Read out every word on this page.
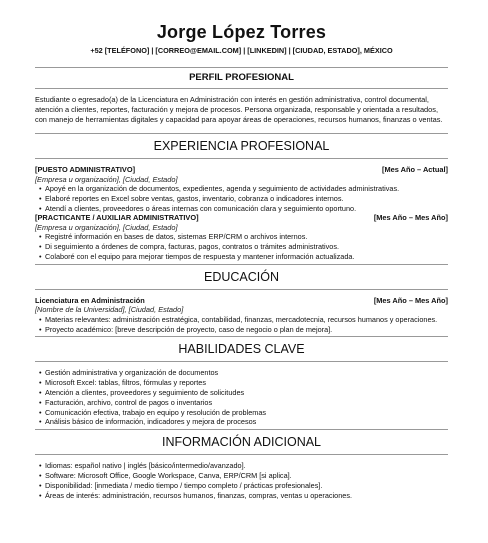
Jorge López Torres
+52 [TELÉFONO] | [CORREO@EMAIL.COM] | [LINKEDIN] | [CIUDAD, ESTADO], MÉXICO
PERFIL PROFESIONAL
Estudiante o egresado(a) de la Licenciatura en Administración con interés en gestión administrativa, control documental, atención a clientes, reportes, facturación y mejora de procesos. Persona organizada, responsable y orientada a resultados, con manejo de herramientas digitales y capacidad para apoyar áreas de operaciones, recursos humanos, finanzas o ventas.
EXPERIENCIA PROFESIONAL
[PUESTO ADMINISTRATIVO]	[Mes Año – Actual]
[Empresa u organización], [Ciudad, Estado]
• Apoyé en la organización de documentos, expedientes, agenda y seguimiento de actividades administrativas.
• Elaboré reportes en Excel sobre ventas, gastos, inventario, cobranza o indicadores internos.
• Atendí a clientes, proveedores o áreas internas con comunicación clara y seguimiento oportuno.
[PRACTICANTE / AUXILIAR ADMINISTRATIVO]	[Mes Año – Mes Año]
[Empresa u organización], [Ciudad, Estado]
• Registré información en bases de datos, sistemas ERP/CRM o archivos internos.
• Di seguimiento a órdenes de compra, facturas, pagos, contratos o trámites administrativos.
• Colaboré con el equipo para mejorar tiempos de respuesta y mantener información actualizada.
EDUCACIÓN
Licenciatura en Administración	[Mes Año – Mes Año]
[Nombre de la Universidad], [Ciudad, Estado]
• Materias relevantes: administración estratégica, contabilidad, finanzas, mercadotecnia, recursos humanos y operaciones.
• Proyecto académico: [breve descripción de proyecto, caso de negocio o plan de mejora].
HABILIDADES CLAVE
• Gestión administrativa y organización de documentos
• Microsoft Excel: tablas, filtros, fórmulas y reportes
• Atención a clientes, proveedores y seguimiento de solicitudes
• Facturación, archivo, control de pagos o inventarios
• Comunicación efectiva, trabajo en equipo y resolución de problemas
• Análisis básico de información, indicadores y mejora de procesos
INFORMACIÓN ADICIONAL
• Idiomas: español nativo | inglés [básico/intermedio/avanzado].
• Software: Microsoft Office, Google Workspace, Canva, ERP/CRM [si aplica].
• Disponibilidad: [inmediata / medio tiempo / tiempo completo / prácticas profesionales].
• Áreas de interés: administración, recursos humanos, finanzas, compras, ventas u operaciones.
